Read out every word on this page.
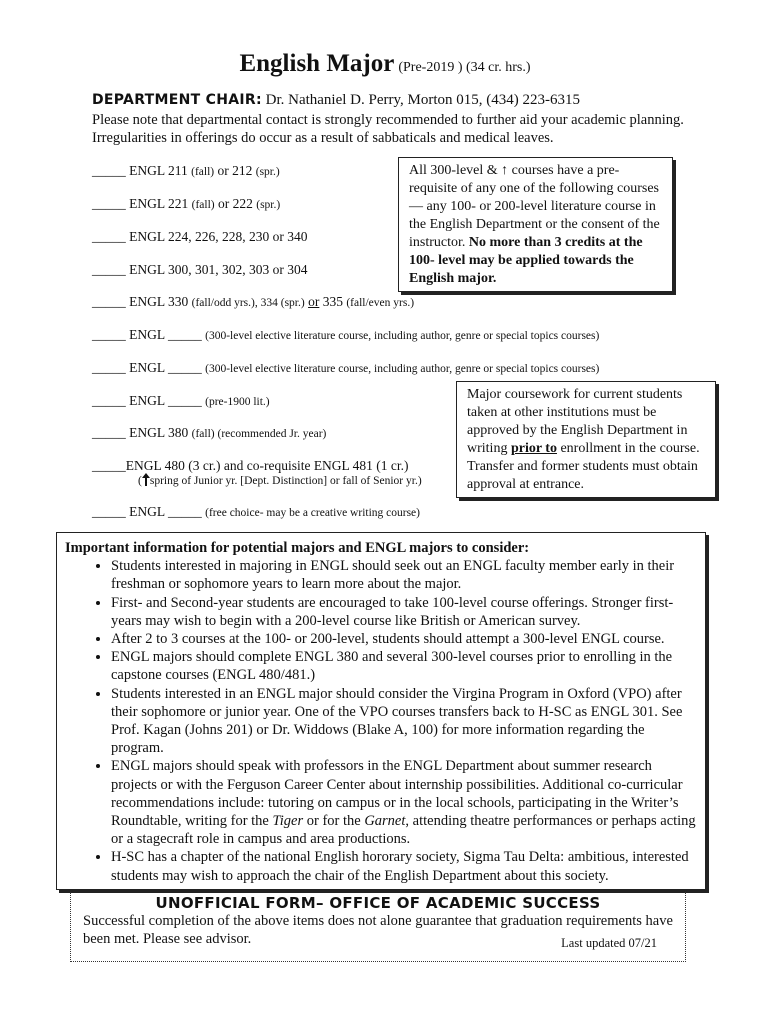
English Major (Pre-2019 ) (34 cr. hrs.)
DEPARTMENT CHAIR: Dr. Nathaniel D. Perry, Morton 015, (434) 223-6315
Please note that departmental contact is strongly recommended to further aid your academic planning. Irregularities in offerings do occur as a result of sabbaticals and medical leaves.
_____ ENGL 211 (fall) or 212 (spr.)
_____ ENGL 221 (fall) or 222 (spr.)
_____ ENGL 224, 226, 228, 230 or 340
_____ ENGL 300, 301, 302, 303 or 304
_____ ENGL 330 (fall/odd yrs.), 334 (spr.) or 335 (fall/even yrs.)
_____ ENGL _____ (300-level elective literature course, including author, genre or special topics courses)
_____ ENGL _____ (300-level elective literature course, including author, genre or special topics courses)
_____ ENGL _____ (pre-1900 lit.)
_____ ENGL 380 (fall) (recommended Jr. year)
_____ENGL 480 (3 cr.) and co-requisite ENGL 481 (1 cr.)
( spring of Junior yr. [Dept. Distinction] or fall of Senior yr.)
_____ ENGL _____ (free choice- may be a creative writing course)
All 300-level & ↑ courses have a pre-requisite of any one of the following courses— any 100- or 200-level literature course in the English Department or the consent of the instructor. No more than 3 credits at the 100- level may be applied towards the English major.
Major coursework for current students taken at other institutions must be approved by the English Department in writing prior to enrollment in the course. Transfer and former students must obtain approval at entrance.
Important information for potential majors and ENGL majors to consider:
• Students interested in majoring in ENGL should seek out an ENGL faculty member early in their freshman or sophomore years to learn more about the major.
• First- and Second-year students are encouraged to take 100-level course offerings. Stronger first-years may wish to begin with a 200-level course like British or American survey.
• After 2 to 3 courses at the 100- or 200-level, students should attempt a 300-level ENGL course.
• ENGL majors should complete ENGL 380 and several 300-level courses prior to enrolling in the capstone courses (ENGL 480/481.)
• Students interested in an ENGL major should consider the Virgina Program in Oxford (VPO) after their sophomore or junior year. One of the VPO courses transfers back to H-SC as ENGL 301. See Prof. Kagan (Johns 201) or Dr. Widdows (Blake A, 100) for more information regarding the program.
• ENGL majors should speak with professors in the ENGL Department about summer research projects or with the Ferguson Career Center about internship possibilities. Additional co-curricular recommendations include: tutoring on campus or in the local schools, participating in the Writer’s Roundtable, writing for the Tiger or for the Garnet, attending theatre performances or perhaps acting or a stagecraft role in campus and area productions.
• H-SC has a chapter of the national English hororary society, Sigma Tau Delta: ambitious, interested students may wish to approach the chair of the English Department about this society.
UNOFFICIAL FORM– OFFICE OF ACADEMIC SUCCESS
Successful completion of the above items does not alone guarantee that graduation requirements have been met. Please see advisor.	Last updated 07/21
